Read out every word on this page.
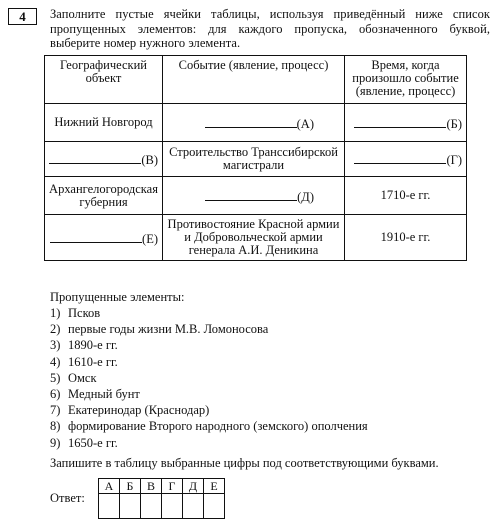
4	Заполните пустые ячейки таблицы, используя приведённый ниже список пропущенных элементов: для каждого пропуска, обозначенного буквой, выберите номер нужного элемента.
Географический объект	Событие (явление, процесс)	Время, когда произошло событие (явление, процесс)
Нижний Новгород	(А)	(Б)
(В)	Строительство Транссибирской магистрали	(Г)
Архангелогородская губерния	(Д)	1710-е гг.
(Е)	Противостояние Красной армии и Добровольческой армии генерала А.И. Деникина	1910-е гг.
Пропущенные элементы:
1) Псков
2) первые годы жизни М.В. Ломоносова
3) 1890-е гг.
4) 1610-е гг.
5) Омск
6) Медный бунт
7) Екатеринодар (Краснодар)
8) формирование Второго народного (земского) ополчения
9) 1650-е гг.
Запишите в таблицу выбранные цифры под соответствующими буквами.
Ответ:
А	Б	В	Г	Д	Е
